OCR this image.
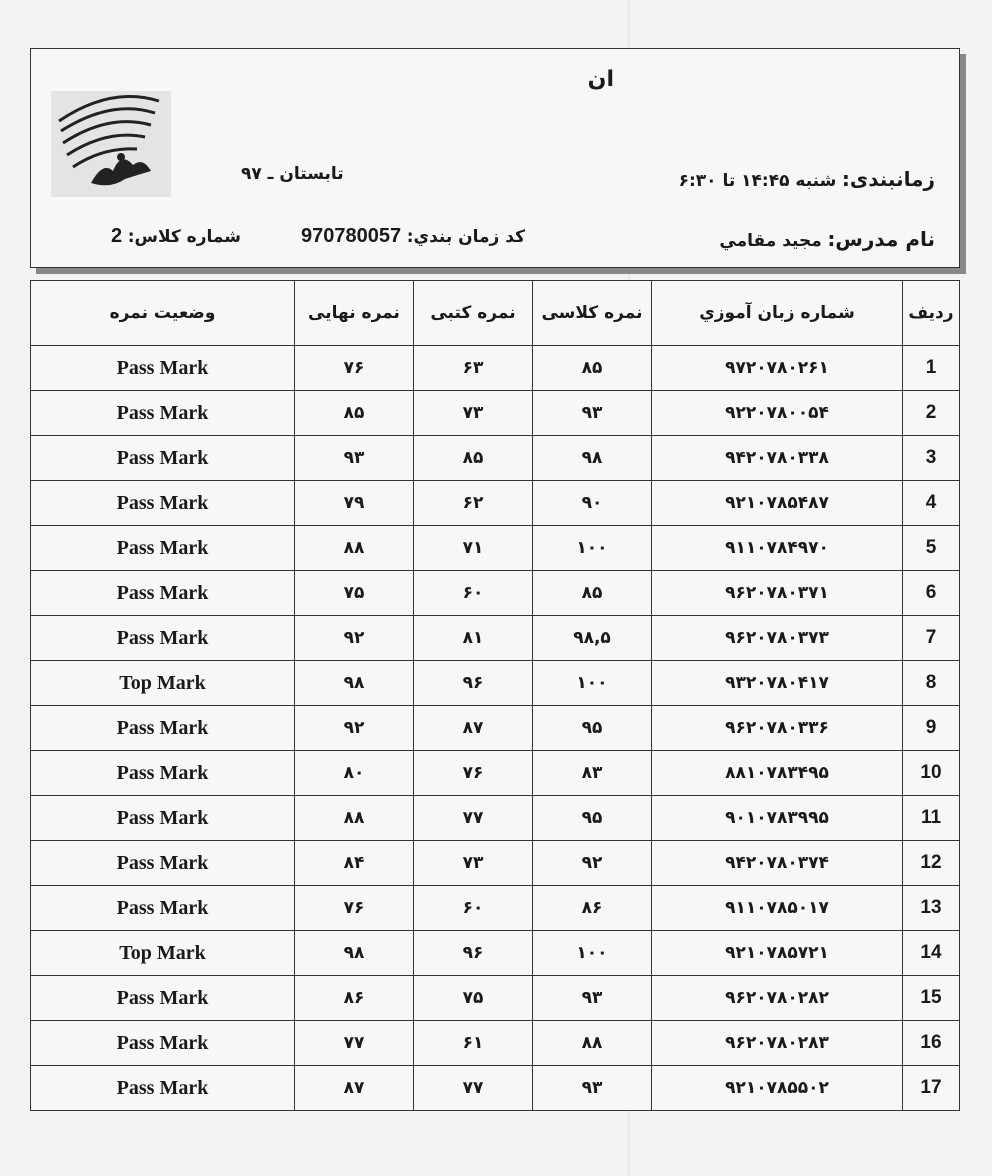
ان
تابستان ـ ۹۷	زمانبندی: شنبه ۱۴:۴۵ تا ۶:۳۰
نام مدرس: مجید مقامي
كد زمان بندي: 970780057
شماره كلاس: 2
رديف	شماره زبان آموزي	نمره کلاسی	نمره کتبی	نمره نهایی	وضعیت نمره
1	۹۷۲۰۷۸۰۲۶۱	۸۵	۶۳	۷۶	Pass Mark
2	۹۲۲۰۷۸۰۰۵۴	۹۳	۷۳	۸۵	Pass Mark
3	۹۴۲۰۷۸۰۳۳۸	۹۸	۸۵	۹۳	Pass Mark
4	۹۲۱۰۷۸۵۴۸۷	۹۰	۶۲	۷۹	Pass Mark
5	۹۱۱۰۷۸۴۹۷۰	۱۰۰	۷۱	۸۸	Pass Mark
6	۹۶۲۰۷۸۰۳۷۱	۸۵	۶۰	۷۵	Pass Mark
7	۹۶۲۰۷۸۰۳۷۳	۹۸,۵	۸۱	۹۲	Pass Mark
8	۹۳۲۰۷۸۰۴۱۷	۱۰۰	۹۶	۹۸	Top Mark
9	۹۶۲۰۷۸۰۳۳۶	۹۵	۸۷	۹۲	Pass Mark
10	۸۸۱۰۷۸۳۴۹۵	۸۳	۷۶	۸۰	Pass Mark
11	۹۰۱۰۷۸۳۹۹۵	۹۵	۷۷	۸۸	Pass Mark
12	۹۴۲۰۷۸۰۳۷۴	۹۲	۷۳	۸۴	Pass Mark
13	۹۱۱۰۷۸۵۰۱۷	۸۶	۶۰	۷۶	Pass Mark
14	۹۲۱۰۷۸۵۷۲۱	۱۰۰	۹۶	۹۸	Top Mark
15	۹۶۲۰۷۸۰۲۸۲	۹۳	۷۵	۸۶	Pass Mark
16	۹۶۲۰۷۸۰۲۸۳	۸۸	۶۱	۷۷	Pass Mark
17	۹۲۱۰۷۸۵۵۰۲	۹۳	۷۷	۸۷	Pass Mark
